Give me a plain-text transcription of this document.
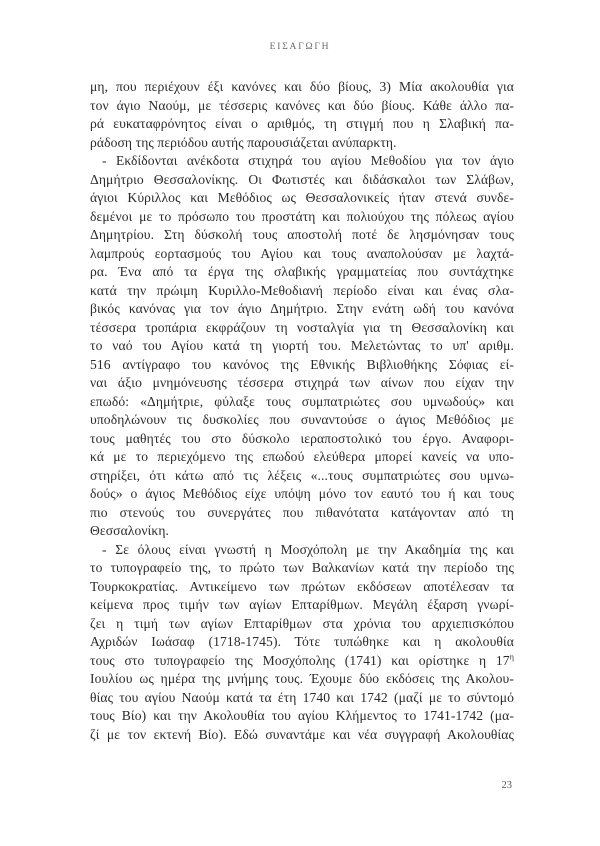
ΕΙΣΑΓΩΓΗ
μη, που περιέχουν έξι κανόνες και δύο βίους, 3) Μία ακολουθία για
τον άγιο Ναούμ, με τέσσερις κανόνες και δύο βίους. Κάθε άλλο πα-
ρά ευκαταφρόνητος είναι ο αριθμός, τη στιγμή που η Σλαβική πα-
ράδοση της περιόδου αυτής παρουσιάζεται ανύπαρκτη.
- Εκδίδονται ανέκδοτα στιχηρά του αγίου Μεθοδίου για τον άγιο
Δημήτριο Θεσσαλονίκης. Οι Φωτιστές και διδάσκαλοι των Σλάβων,
άγιοι Κύριλλος και Μεθόδιος ως Θεσσαλονικείς ήταν στενά συνδε-
δεμένοι με το πρόσωπο του προστάτη και πολιούχου της πόλεως αγίου
Δημητρίου. Στη δύσκολή τους αποστολή ποτέ δε λησμόνησαν τους
λαμπρούς εορτασμούς του Αγίου και τους αναπολούσαν με λαχτά-
ρα. Ένα από τα έργα της σλαβικής γραμματείας που συντάχτηκε
κατά την πρώιμη Κυριλλο-Μεθοδιανή περίοδο είναι και ένας σλα-
βικός κανόνας για τον άγιο Δημήτριο. Στην ενάτη ωδή του κανόνα
τέσσερα τροπάρια εκφράζουν τη νοσταλγία για τη Θεσσαλονίκη και
το ναό του Αγίου κατά τη γιορτή του. Μελετώντας το υπ' αριθμ.
516 αντίγραφο του κανόνος της Εθνικής Βιβλιοθήκης Σόφιας εί-
ναι άξιο μνημόνευσης τέσσερα στιχηρά των αίνων που είχαν την
επωδό: «Δημήτριε, φύλαξε τους συμπατριώτες σου υμνωδούς» και
υποδηλώνουν τις δυσκολίες που συναντούσε ο άγιος Μεθόδιος με
τους μαθητές του στο δύσκολο ιεραποστολικό του έργο. Αναφορι-
κά με το περιεχόμενο της επωδού ελεύθερα μπορεί κανείς να υπο-
στηρίξει, ότι κάτω από τις λέξεις «...τους συμπατριώτες σου υμνω-
δούς» ο άγιος Μεθόδιος είχε υπόψη μόνο τον εαυτό του ή και τους
πιο στενούς του συνεργάτες που πιθανότατα κατάγονταν από τη
Θεσσαλονίκη.
- Σε όλους είναι γνωστή η Μοσχόπολη με την Ακαδημία της και
το τυπογραφείο της, το πρώτο των Βαλκανίων κατά την περίοδο της
Τουρκοκρατίας. Αντικείμενο των πρώτων εκδόσεων αποτέλεσαν τα
κείμενα προς τιμήν των αγίων Επταρίθμων. Μεγάλη έξαρση γνωρί-
ζει η τιμή των αγίων Επταρίθμων στα χρόνια του αρχιεπισκόπου
Αχριδών Ιωάσαφ (1718-1745). Τότε τυπώθηκε και η ακολουθία
τους στο τυπογραφείο της Μοσχόπολης (1741) και ορίστηκε η $17^\eta$
Ιουλίου ως ημέρα της μνήμης τους. Έχουμε δύο εκδόσεις της Ακολου-
θίας του αγίου Ναούμ κατά τα έτη 1740 και 1742 (μαζί με το σύντομό
τους Βίο) και την Ακολουθία του αγίου Κλήμεντος το 1741-1742 (μα-
ζί με τον εκτενή Βίο). Εδώ συναντάμε και νέα συγγραφή Ακολουθίας
23
